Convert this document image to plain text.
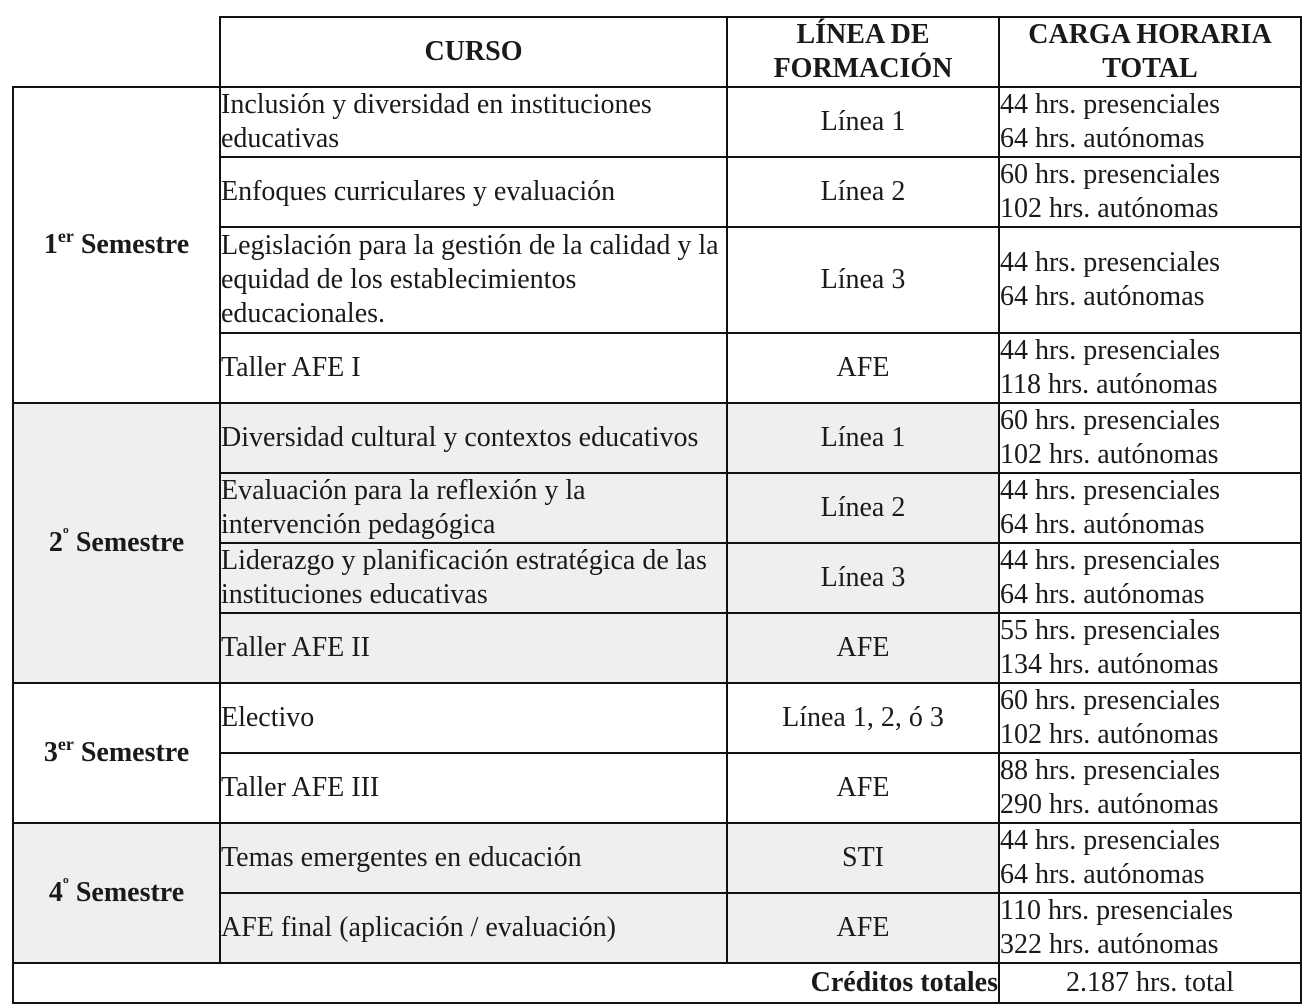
	CURSO	LÍNEA DE FORMACIÓN	CARGA HORARIA TOTAL
1er Semestre	Inclusión y diversidad en instituciones educativas	Línea 1	44 hrs. presenciales
64 hrs. autónomas

	Enfoques curriculares y evaluación	Línea 2	60 hrs. presenciales
102 hrs. autónomas

	Legislación para la gestión de la calidad y la equidad de los establecimientos educacionales.	Línea 3	44 hrs. presenciales
64 hrs. autónomas

	Taller AFE I	AFE	44 hrs. presenciales
118 hrs. autónomas

$2^º$ Semestre	Diversidad cultural y contextos educativos	Línea 1	60 hrs. presenciales
102 hrs. autónomas

	Evaluación para la reflexión y la intervención pedagógica	Línea 2	44 hrs. presenciales
64 hrs. autónomas

	Liderazgo y planificación estratégica de las instituciones educativas	Línea 3	44 hrs. presenciales
64 hrs. autónomas

	Taller AFE II	AFE	55 hrs. presenciales
134 hrs. autónomas

3er Semestre	Electivo	Línea 1, 2, ó 3	60 hrs. presenciales
102 hrs. autónomas

	Taller AFE III	AFE	88 hrs. presenciales
290 hrs. autónomas

$4^º$ Semestre	Temas emergentes en educación	STI	44 hrs. presenciales
64 hrs. autónomas

	AFE final (aplicación / evaluación)	AFE	110 hrs. presenciales
322 hrs. autónomas

Créditos totales			2.187 hrs. total
